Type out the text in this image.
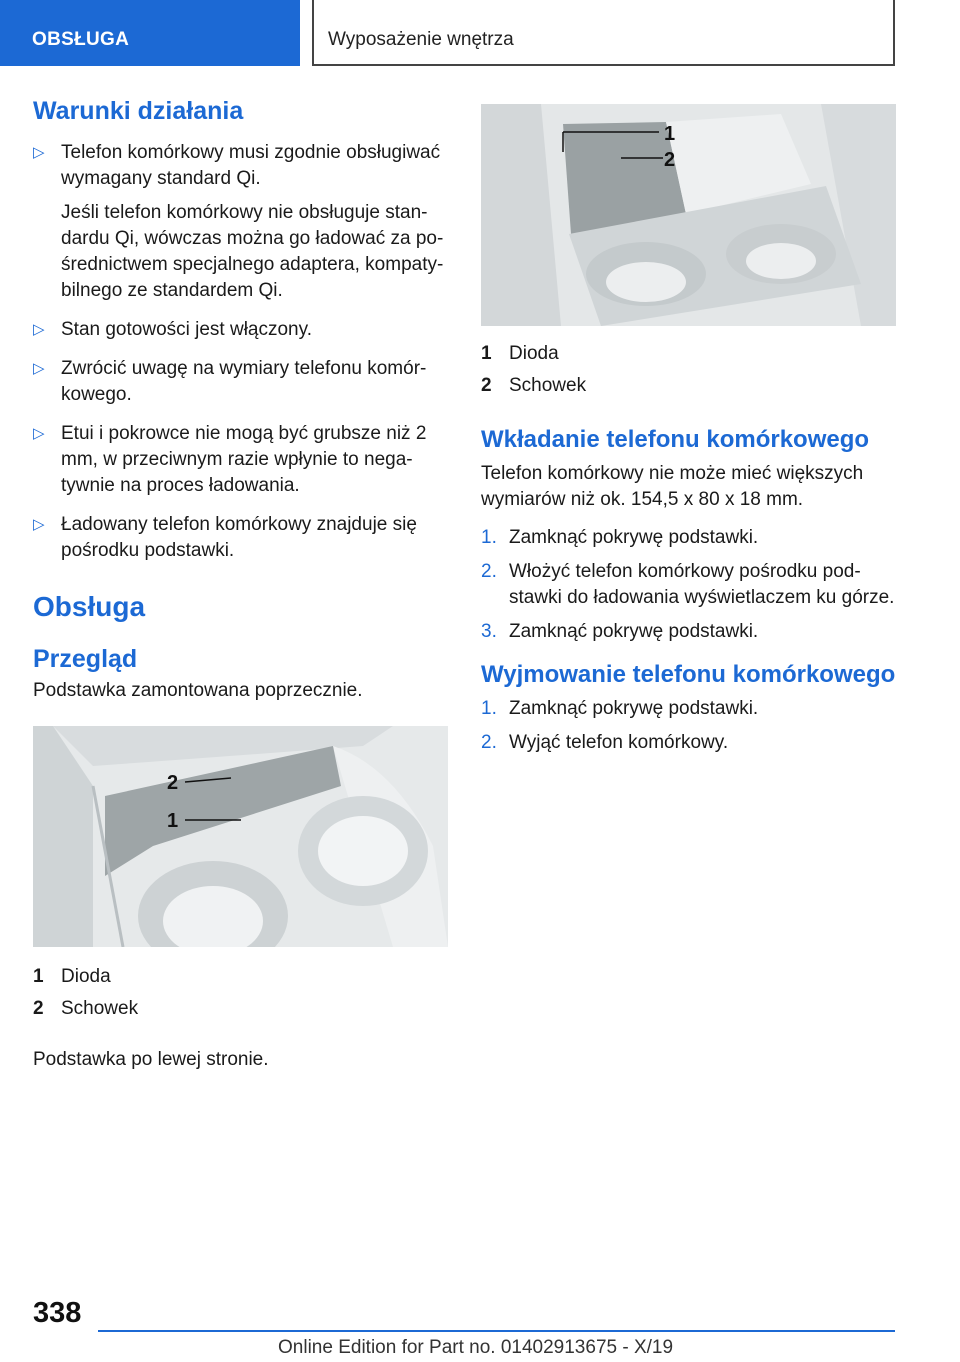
OBSŁUGA	Wyposażenie wnętrza
Warunki działania
▷ Telefon komórkowy musi zgodnie obsługiwać wymagany standard Qi.
Jeśli telefon komórkowy nie obsługuje stan-dardu Qi, wówczas można go ładować za po-średnictwem specjalnego adaptera, kompaty-bilnego ze standardem Qi.
▷ Stan gotowości jest włączony.
▷ Zwrócić uwagę na wymiary telefonu komór-kowego.
▷ Etui i pokrowce nie mogą być grubsze niż 2 mm, w przeciwnym razie wpłynie to nega-tywnie na proces ładowania.
▷ Ładowany telefon komórkowy znajduje się pośrodku podstawki.
Obsługa
Przegląd

Podstawka zamontowana poprzecznie.

2
1
1 Dioda
2 Schowek

Podstawka po lewej stronie.

1
2
1 Dioda
2 Schowek
Wkładanie telefonu komórkowego

Telefon komórkowy nie może mieć większych wymiarów niż ok. 154,5 x 80 x 18 mm.

1. Zamknąć pokrywę podstawki.
2. Włożyć telefon komórkowy pośrodku pod-stawki do ładowania wyświetlaczem ku górze.
3. Zamknąć pokrywę podstawki.
Wyjmowanie telefonu komórkowego
1. Zamknąć pokrywę podstawki.
2. Wyjąć telefon komórkowy.
338
Online Edition for Part no. 01402913675 - X/19
